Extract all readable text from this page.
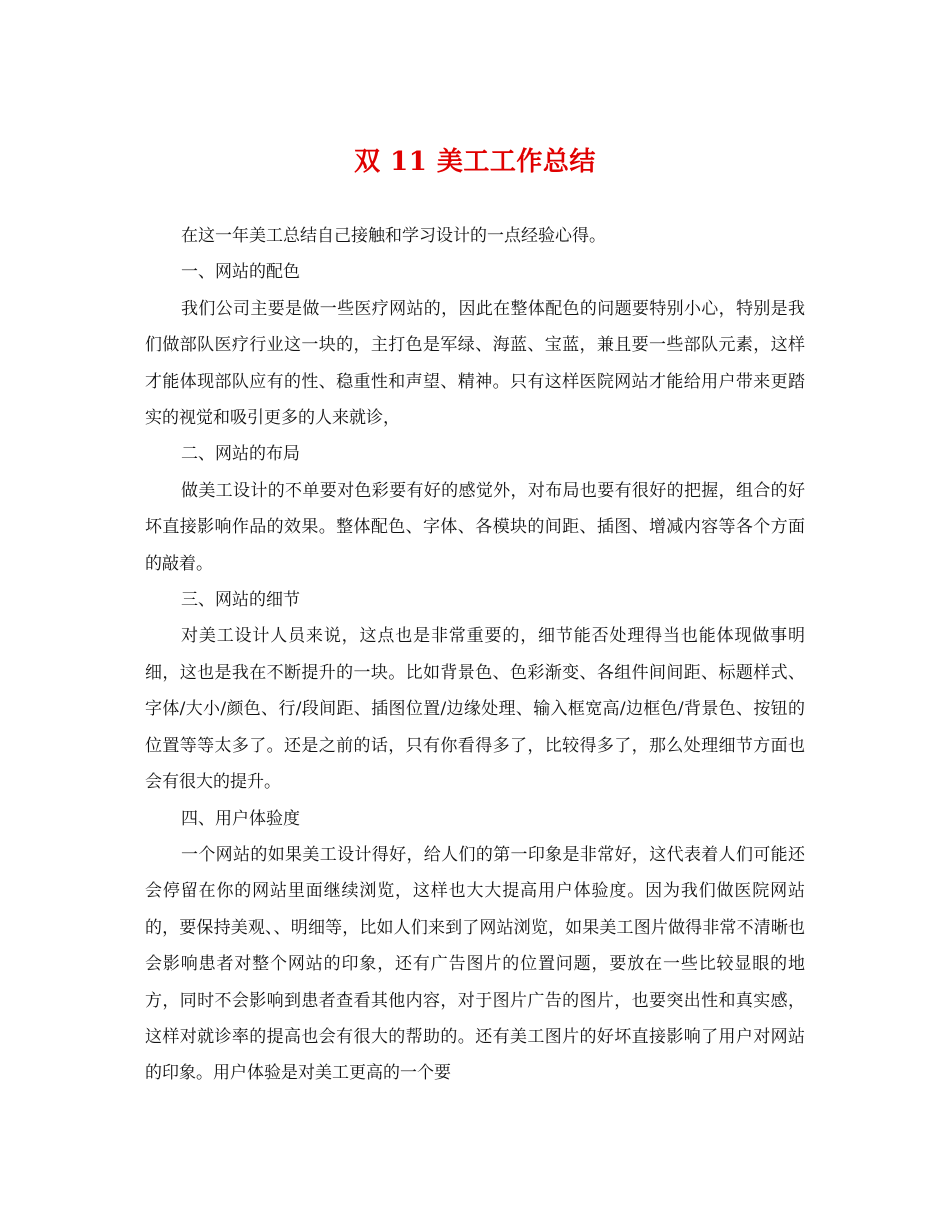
双 11 美工工作总结

在这一年美工总结自己接触和学习设计的一点经验心得。

一、网站的配色

我们公司主要是做一些医疗网站的，因此在整体配色的问题要特别小心，特别是我们做部队医疗行业这一块的，主打色是军绿、海蓝、宝蓝，兼且要一些部队元素，这样才能体现部队应有的性、稳重性和声望、精神。只有这样医院网站才能给用户带来更踏实的视觉和吸引更多的人来就诊，

二、网站的布局

做美工设计的不单要对色彩要有好的感觉外，对布局也要有很好的把握，组合的好坏直接影响作品的效果。整体配色、字体、各模块的间距、插图、增减内容等各个方面的敲着。

三、网站的细节

对美工设计人员来说，这点也是非常重要的，细节能否处理得当也能体现做事明细，这也是我在不断提升的一块。比如背景色、色彩渐变、各组件间间距、标题样式、字体/大小/颜色、行/段间距、插图位置/边缘处理、输入框宽高/边框色/背景色、按钮的位置等等太多了。还是之前的话，只有你看得多了，比较得多了，那么处理细节方面也会有很大的提升。

四、用户体验度

一个网站的如果美工设计得好，给人们的第一印象是非常好，这代表着人们可能还会停留在你的网站里面继续浏览，这样也大大提高用户体验度。因为我们做医院网站的，要保持美观、、明细等，比如人们来到了网站浏览，如果美工图片做得非常不清晰也会影响患者对整个网站的印象，还有广告图片的位置问题，要放在一些比较显眼的地方，同时不会影响到患者查看其他内容，对于图片广告的图片，也要突出性和真实感，这样对就诊率的提高也会有很大的帮助的。还有美工图片的好坏直接影响了用户对网站的印象。用户体验是对美工更高的一个要
